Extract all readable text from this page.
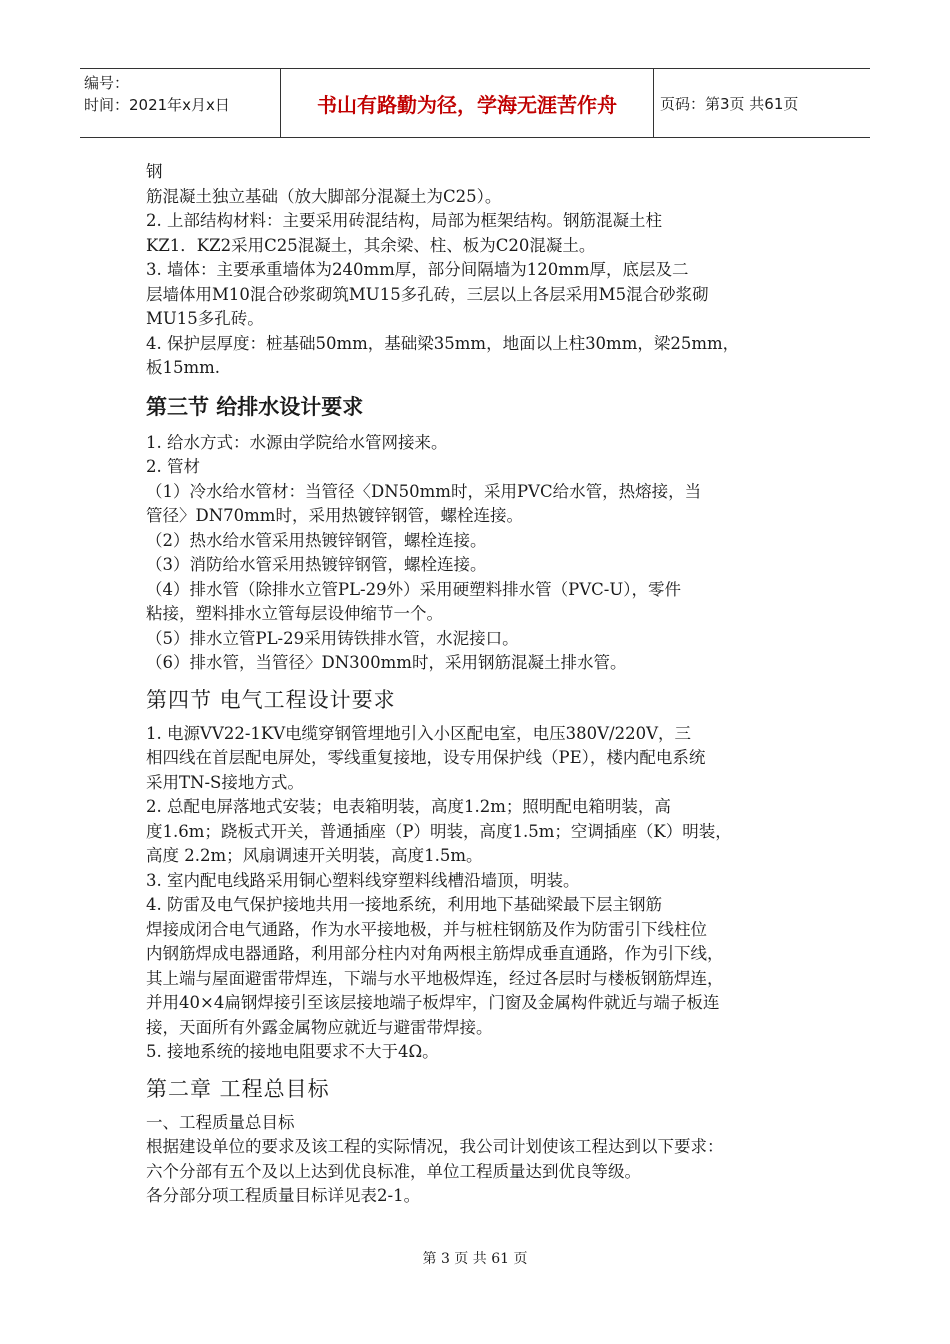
编号：
时间：2021年x月x日	书山有路勤为径，学海无涯苦作舟	页码：第3页 共61页

钢

筋混凝土独立基础（放大脚部分混凝土为C25）。

2. 上部结构材料：主要采用砖混结构，局部为框架结构。钢筋混凝土柱

KZ1．KZ2采用C25混凝土，其余梁、柱、板为C20混凝土。

3. 墙体：主要承重墙体为240mm厚，部分间隔墙为120mm厚，底层及二

层墙体用M10混合砂浆砌筑MU15多孔砖，三层以上各层采用M5混合砂浆砌

MU15多孔砖。

4. 保护层厚度：桩基础50mm，基础梁35mm，地面以上柱30mm，梁25mm，

板15mm.

第三节 给排水设计要求

1. 给水方式：水源由学院给水管网接来。

2. 管材

（1）冷水给水管材：当管径〈DN50mm时，采用PVC给水管，热熔接，当

管径〉DN70mm时，采用热镀锌钢管，螺栓连接。

（2）热水给水管采用热镀锌钢管，螺栓连接。

（3）消防给水管采用热镀锌钢管，螺栓连接。

（4）排水管（除排水立管PL-29外）采用硬塑料排水管（PVC-U），零件

粘接，塑料排水立管每层设伸缩节一个。

（5）排水立管PL-29采用铸铁排水管，水泥接口。

（6）排水管，当管径〉DN300mm时，采用钢筋混凝土排水管。

第四节 电气工程设计要求

1. 电源VV22-1KV电缆穿钢管埋地引入小区配电室，电压380V/220V，三

相四线在首层配电屏处，零线重复接地，设专用保护线（PE），楼内配电系统

采用TN-S接地方式。

2. 总配电屏落地式安装；电表箱明装，高度1.2m；照明配电箱明装，高

度1.6m；跷板式开关，普通插座（P）明装，高度1.5m；空调插座（K）明装，

高度 2.2m；风扇调速开关明装，高度1.5m。

3. 室内配电线路采用铜心塑料线穿塑料线槽沿墙顶，明装。

4. 防雷及电气保护接地共用一接地系统，利用地下基础梁最下层主钢筋

焊接成闭合电气通路，作为水平接地极，并与桩柱钢筋及作为防雷引下线柱位

内钢筋焊成电器通路，利用部分柱内对角两根主筋焊成垂直通路，作为引下线，

其上端与屋面避雷带焊连，下端与水平地极焊连，经过各层时与楼板钢筋焊连，

并用40×4扁钢焊接引至该层接地端子板焊牢，门窗及金属构件就近与端子板连

接，天面所有外露金属物应就近与避雷带焊接。

5. 接地系统的接地电阻要求不大于4Ω。

第二章 工程总目标

一、工程质量总目标

根据建设单位的要求及该工程的实际情况，我公司计划使该工程达到以下要求：

六个分部有五个及以上达到优良标准，单位工程质量达到优良等级。

各分部分项工程质量目标详见表2-1。

第 3 页 共 61 页
